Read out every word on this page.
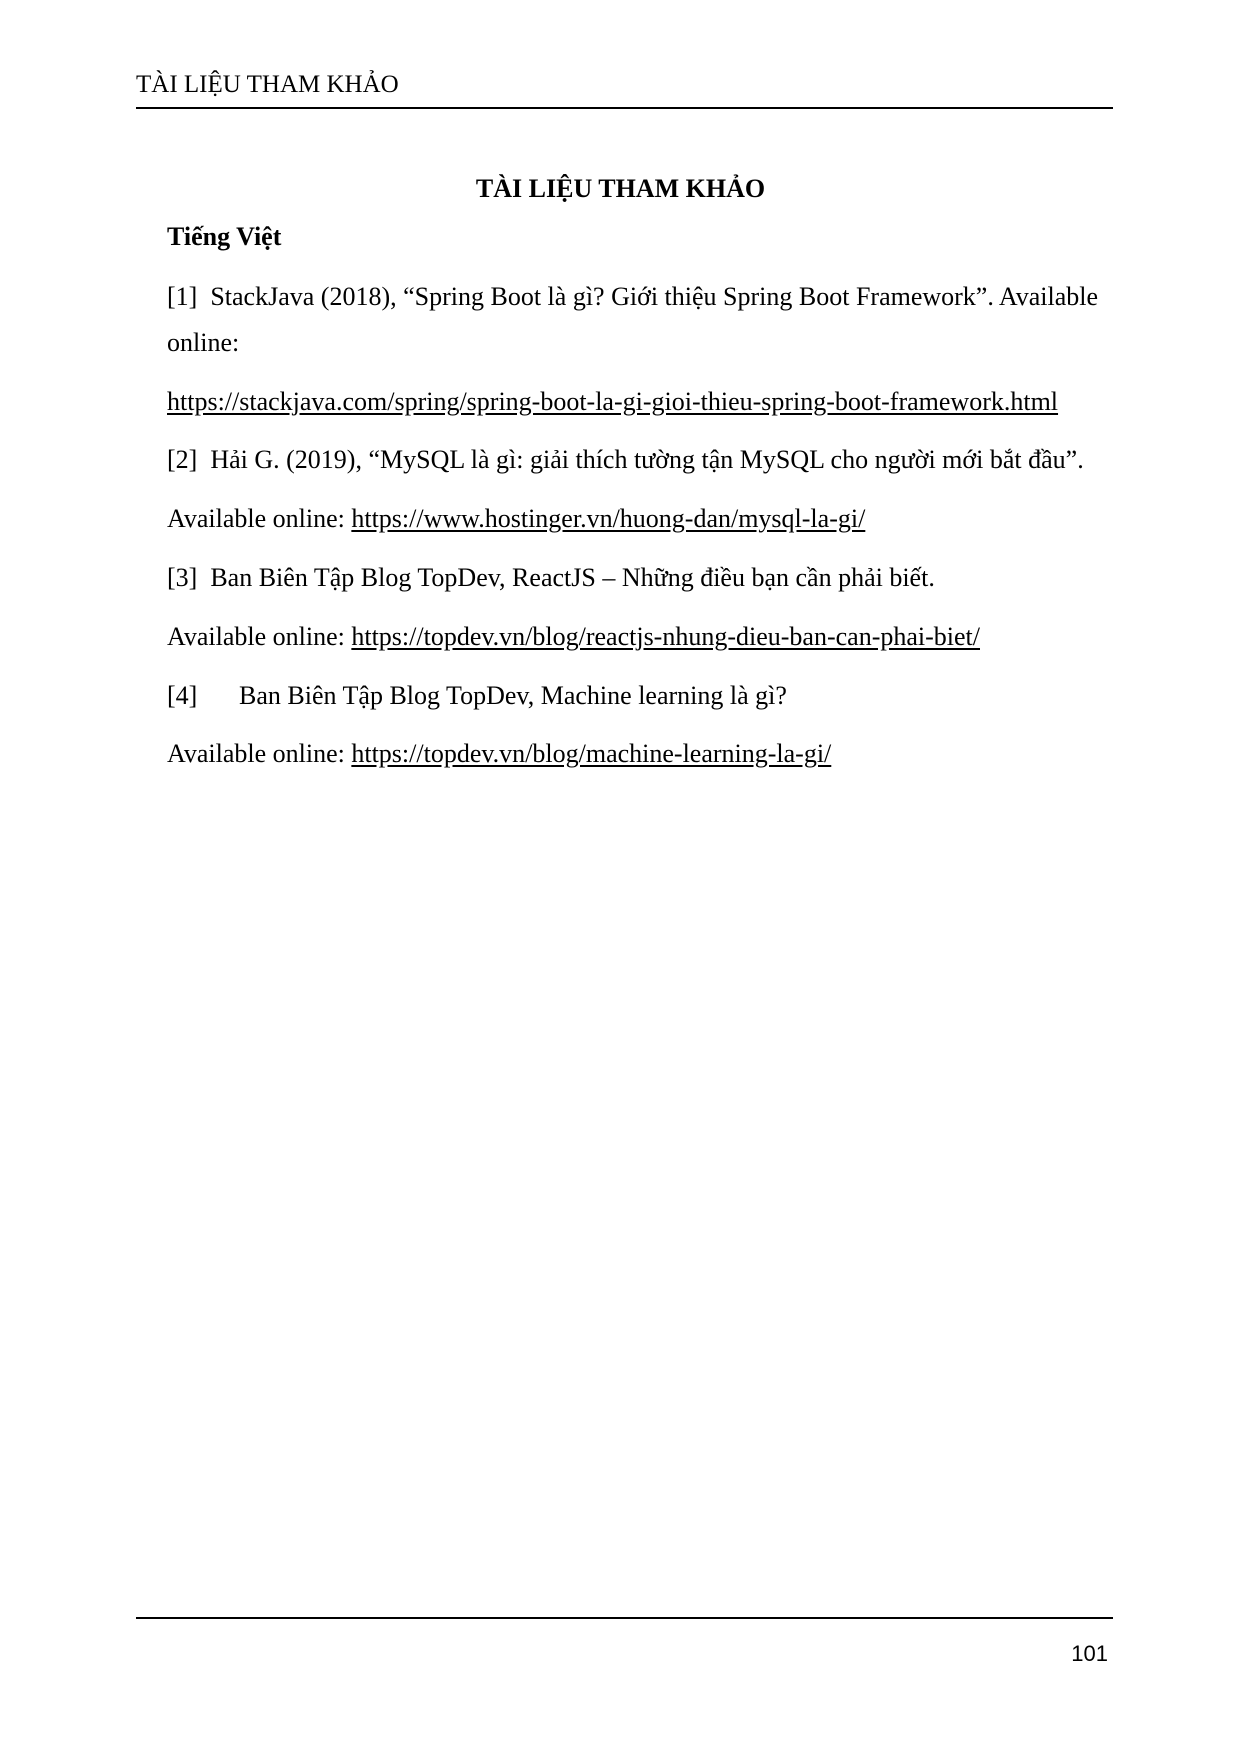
TÀI LIỆU THAM KHẢO
TÀI LIỆU THAM KHẢO
Tiếng Việt
[1] StackJava (2018), “Spring Boot là gì? Giới thiệu Spring Boot Framework”. Available
online:
https://stackjava.com/spring/spring-boot-la-gi-gioi-thieu-spring-boot-framework.html
[2] Hải G. (2019), “MySQL là gì: giải thích tường tận MySQL cho người mới bắt đầu”.
Available online: https://www.hostinger.vn/huong-dan/mysql-la-gi/
[3] Ban Biên Tập Blog TopDev, ReactJS – Những điều bạn cần phải biết.
Available online: https://topdev.vn/blog/reactjs-nhung-dieu-ban-can-phai-biet/
[4] Ban Biên Tập Blog TopDev, Machine learning là gì?
Available online: https://topdev.vn/blog/machine-learning-la-gi/
101
